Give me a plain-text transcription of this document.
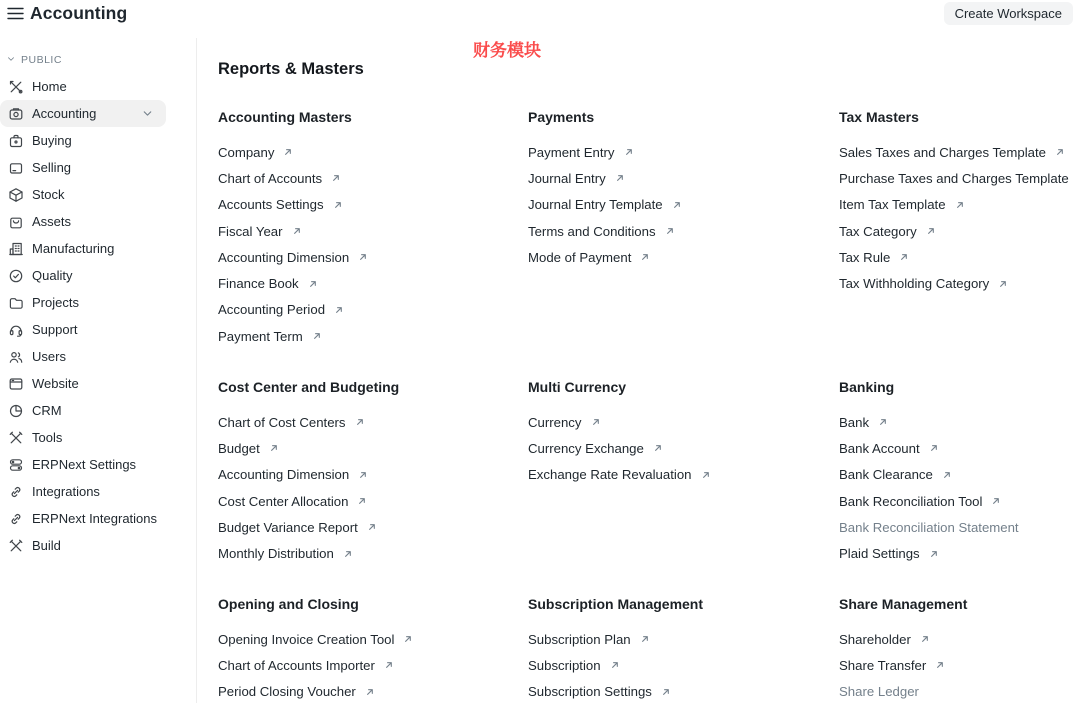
Accounting	Create Workspace
PUBLIC
Home
Accounting
Buying
Selling
Stock
Assets
Manufacturing
Quality
Projects
Support
Users
Website
CRM
Tools
ERPNext Settings
Integrations
ERPNext Integrations
Build
财务模块
Reports & Masters
Accounting Masters
Company
Chart of Accounts
Accounts Settings
Fiscal Year
Accounting Dimension
Finance Book
Accounting Period
Payment Term
Payments
Payment Entry
Journal Entry
Journal Entry Template
Terms and Conditions
Mode of Payment
Tax Masters
Sales Taxes and Charges Template
Purchase Taxes and Charges Template
Item Tax Template
Tax Category
Tax Rule
Tax Withholding Category
Cost Center and Budgeting
Chart of Cost Centers
Budget
Accounting Dimension
Cost Center Allocation
Budget Variance Report
Monthly Distribution
Multi Currency
Currency
Currency Exchange
Exchange Rate Revaluation
Banking
Bank
Bank Account
Bank Clearance
Bank Reconciliation Tool
Bank Reconciliation Statement
Plaid Settings
Opening and Closing
Opening Invoice Creation Tool
Chart of Accounts Importer
Period Closing Voucher
Subscription Management
Subscription Plan
Subscription
Subscription Settings
Share Management
Shareholder
Share Transfer
Share Ledger
